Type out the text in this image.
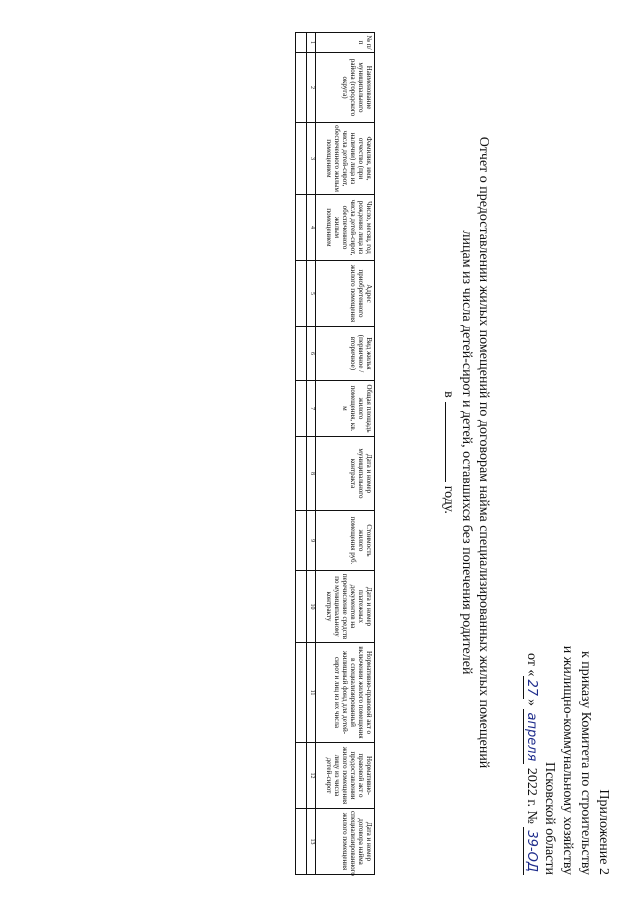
Приложение 2
к приказу Комитета по строительству
и жилищно-коммунальному хозяйству
Псковской области
от «27» апреля 2022 г. № 39-ОД
Отчет о предоставлении жилых помещений по договорам найма специализированных жилых помещений
лицам из числа детей-сирот и детей, оставшихся без попечения родителей
вгоду.
№ п/п	Наименование муниципального района (городского округа)	Фамилия, имя, отчество (при наличии) лица из числа детей-сирот, обеспеченного жилым помещением	Число, месяц, год рождения лица из числа детей-сирот, обеспеченного жилым помещением	Адрес приобретенного жилого помещения	Вид жилья (первичное / вторичное)	Общая площадь жилого помещения, кв. м	Дата и номер муниципального контракта	Стоимость жилого помещения руб.	Дата и номер платежных документов на перечисление средств по муниципальному контракту	Нормативно-правовой акт о включении жилого помещения в специализированный жилищный фонд для детей-сирот и лиц из их числа	Нормативно-правовой акт о предоставлении жилого помещения лицу из числа детей-сирот	Дата и номер договора найма специализированного жилого помещения
1	2	3	4	5	6	7	8	9	10	11	12	13
